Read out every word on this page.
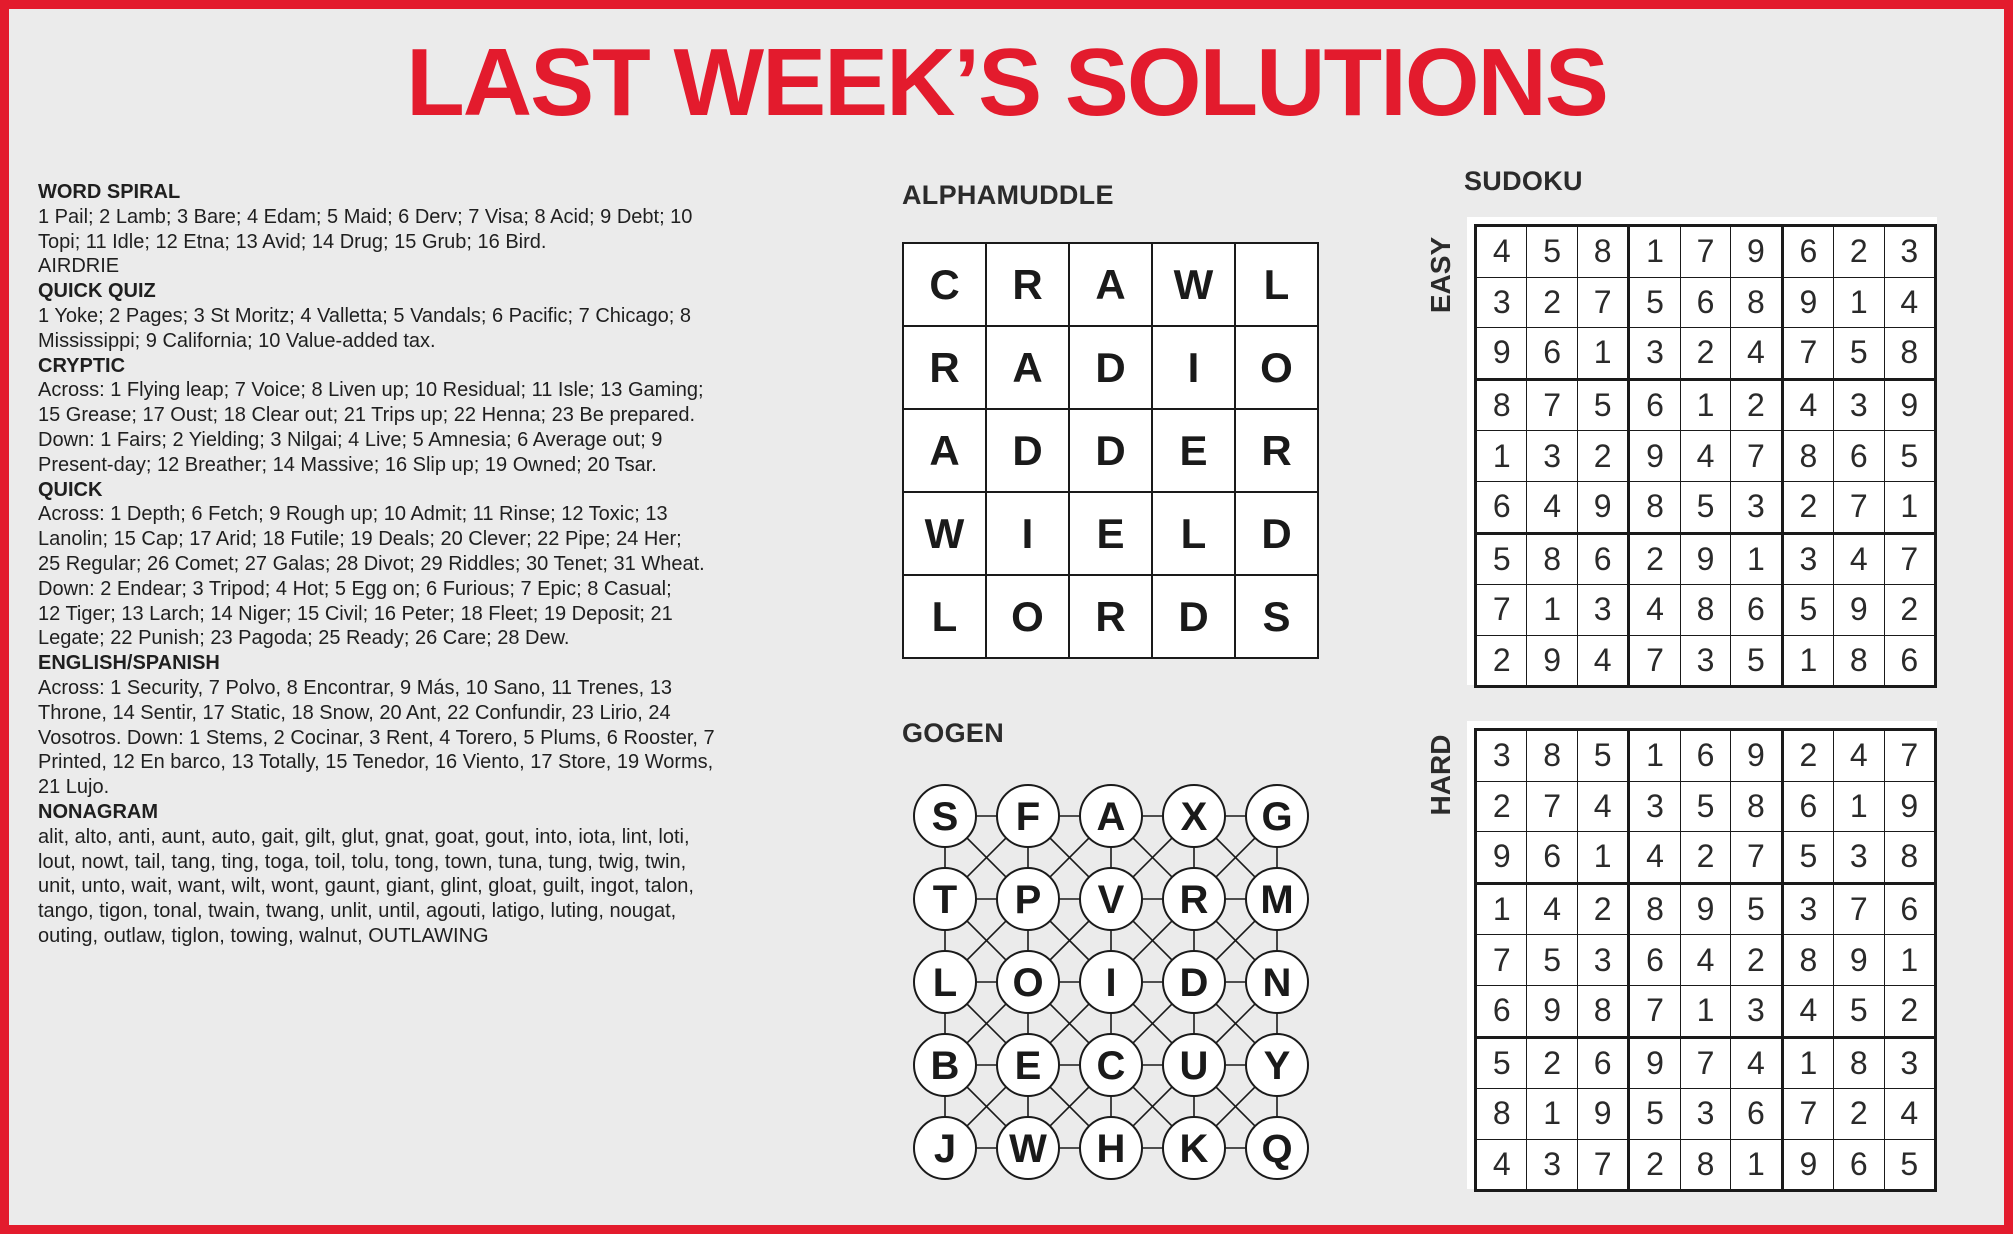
LAST WEEK’S SOLUTIONS
WORD SPIRAL
1 Pail; 2 Lamb; 3 Bare; 4 Edam; 5 Maid; 6 Derv; 7 Visa; 8 Acid; 9 Debt; 10
Topi; 11 Idle; 12 Etna; 13 Avid; 14 Drug; 15 Grub; 16 Bird.
AIRDRIE
QUICK QUIZ
1 Yoke; 2 Pages; 3 St Moritz; 4 Valletta; 5 Vandals; 6 Pacific; 7 Chicago; 8
Mississippi; 9 California; 10 Value-added tax.
CRYPTIC
Across: 1 Flying leap; 7 Voice; 8 Liven up; 10 Residual; 11 Isle; 13 Gaming;
15 Grease; 17 Oust; 18 Clear out; 21 Trips up; 22 Henna; 23 Be prepared.
Down: 1 Fairs; 2 Yielding; 3 Nilgai; 4 Live; 5 Amnesia; 6 Average out; 9
Present-day; 12 Breather; 14 Massive; 16 Slip up; 19 Owned; 20 Tsar.
QUICK
Across: 1 Depth; 6 Fetch; 9 Rough up; 10 Admit; 11 Rinse; 12 Toxic; 13
Lanolin; 15 Cap; 17 Arid; 18 Futile; 19 Deals; 20 Clever; 22 Pipe; 24 Her;
25 Regular; 26 Comet; 27 Galas; 28 Divot; 29 Riddles; 30 Tenet; 31 Wheat.
Down: 2 Endear; 3 Tripod; 4 Hot; 5 Egg on; 6 Furious; 7 Epic; 8 Casual;
12 Tiger; 13 Larch; 14 Niger; 15 Civil; 16 Peter; 18 Fleet; 19 Deposit; 21
Legate; 22 Punish; 23 Pagoda; 25 Ready; 26 Care; 28 Dew.
ENGLISH/SPANISH
Across: 1 Security, 7 Polvo, 8 Encontrar, 9 Más, 10 Sano, 11 Trenes, 13
Throne, 14 Sentir, 17 Static, 18 Snow, 20 Ant, 22 Confundir, 23 Lirio, 24
Vosotros. Down: 1 Stems, 2 Cocinar, 3 Rent, 4 Torero, 5 Plums, 6 Rooster, 7
Printed, 12 En barco, 13 Totally, 15 Tenedor, 16 Viento, 17 Store, 19 Worms,
21 Lujo.
NONAGRAM
alit, alto, anti, aunt, auto, gait, gilt, glut, gnat, goat, gout, into, iota, lint, loti,
lout, nowt, tail, tang, ting, toga, toil, tolu, tong, town, tuna, tung, twig, twin,
unit, unto, wait, want, wilt, wont, gaunt, giant, glint, gloat, guilt, ingot, talon,
tango, tigon, tonal, twain, twang, unlit, until, agouti, latigo, luting, nougat,
outing, outlaw, tiglon, towing, walnut, OUTLAWING
ALPHAMUDDLE
C	R	A	W	L
R	A	D	I	O
A	D	D	E	R
W	I	E	L	D
L	O	R	D	S
GOGEN
S F A X G
T P V R M
L O I D N
B E C U Y
J W H K Q
SUDOKU
EASY 4	5	8	1	7	9	6	2	3
3	2	7	5	6	8	9	1	4
9	6	1	3	2	4	7	5	8
8	7	5	6	1	2	4	3	9
1	3	2	9	4	7	8	6	5
6	4	9	8	5	3	2	7	1
5	8	6	2	9	1	3	4	7
7	1	3	4	8	6	5	9	2
2	9	4	7	3	5	1	8	6
HARD 3	8	5	1	6	9	2	4	7
2	7	4	3	5	8	6	1	9
9	6	1	4	2	7	5	3	8
1	4	2	8	9	5	3	7	6
7	5	3	6	4	2	8	9	1
6	9	8	7	1	3	4	5	2
5	2	6	9	7	4	1	8	3
8	1	9	5	3	6	7	2	4
4	3	7	2	8	1	9	6	5
